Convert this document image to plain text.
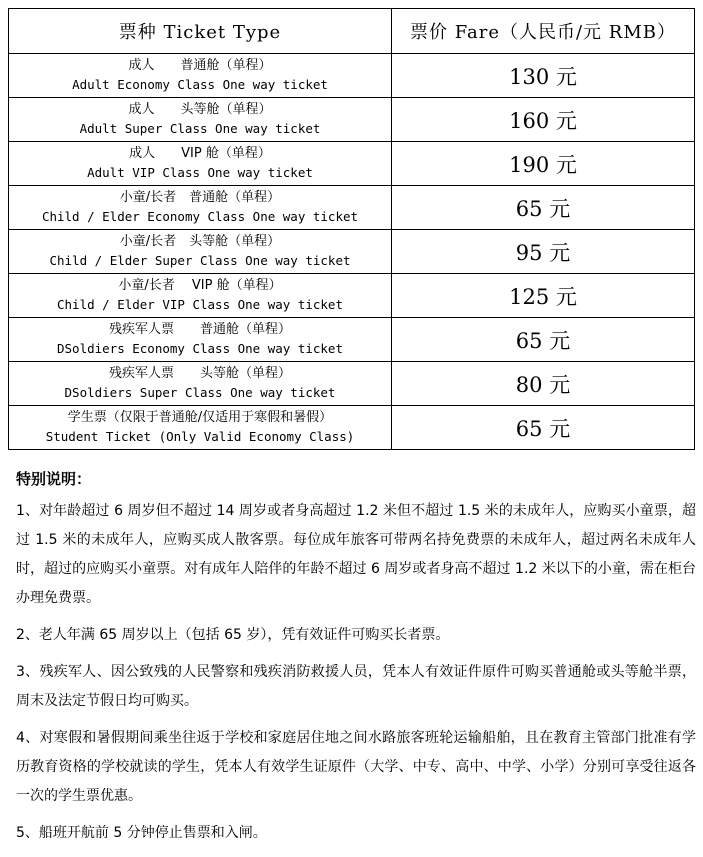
票种 Ticket Type	票价 Fare（人民币/元 RMB）

成人　　普通舱（单程）
Adult Economy Class One way ticket	130 元

成人　　头等舱（单程）
Adult Super Class One way ticket	160 元

成人　　VIP 舱（单程）
Adult VIP Class One way ticket	190 元

小童/长者　普通舱（单程）
Child / Elder Economy Class One way ticket	65 元

小童/长者　头等舱（单程）
Child / Elder Super Class One way ticket	95 元

小童/长者　 VIP 舱（单程）
Child / Elder VIP Class One way ticket	125 元

残疾军人票　　普通舱（单程）
DSoldiers Economy Class One way ticket	65 元

残疾军人票　　头等舱（单程）
DSoldiers Super Class One way ticket	80 元

学生票（仅限于普通舱/仅适用于寒假和暑假）
Student Ticket (Only Valid Economy Class)	65 元
特别说明：

1、对年龄超过 6 周岁但不超过 14 周岁或者身高超过 1.2 米但不超过 1.5 米的未成年人，应购买小童票，超过 1.5 米的未成年人，应购买成人散客票。每位成年旅客可带两名持免费票的未成年人，超过两名未成年人时，超过的应购买小童票。对有成年人陪伴的年龄不超过 6 周岁或者身高不超过 1.2 米以下的小童，需在柜台办理免费票。

2、老人年满 65 周岁以上（包括 65 岁），凭有效证件可购买长者票。

3、残疾军人、因公致残的人民警察和残疾消防救援人员，凭本人有效证件原件可购买普通舱或头等舱半票，周末及法定节假日均可购买。

4、对寒假和暑假期间乘坐往返于学校和家庭居住地之间水路旅客班轮运输船舶，且在教育主管部门批准有学历教育资格的学校就读的学生，凭本人有效学生证原件（大学、中专、高中、中学、小学）分别可享受往返各一次的学生票优惠。

5、船班开航前 5 分钟停止售票和入闸。
